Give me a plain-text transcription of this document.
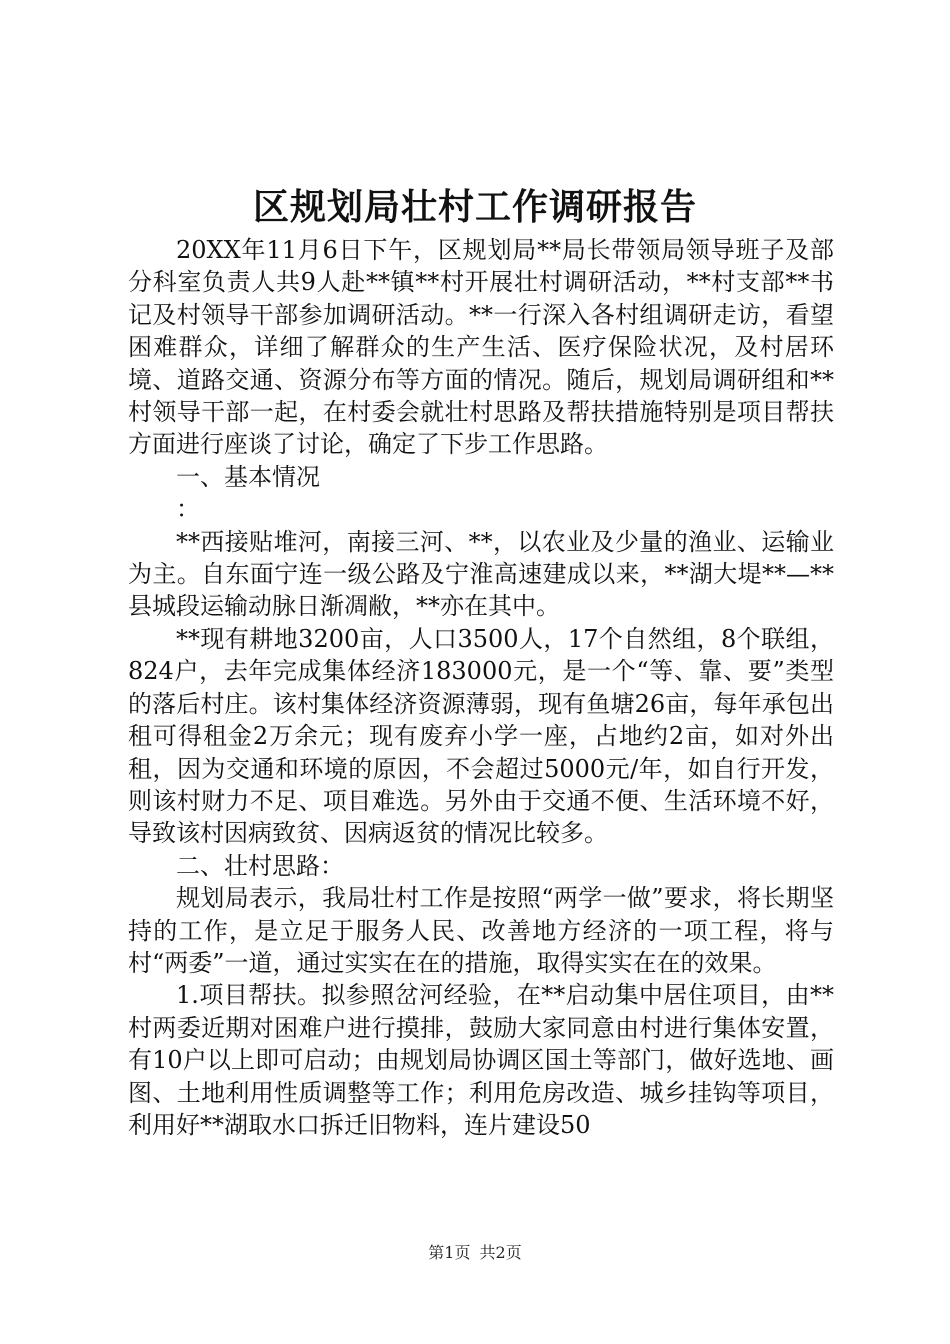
区规划局壮村工作调研报告

20XX年11月6日下午，区规划局**局长带领局领导班子及部分科室负责人共9人赴**镇**村开展壮村调研活动，**村支部**书记及村领导干部参加调研活动。**一行深入各村组调研走访，看望困难群众，详细了解群众的生产生活、医疗保险状况，及村居环境、道路交通、资源分布等方面的情况。随后，规划局调研组和**村领导干部一起，在村委会就壮村思路及帮扶措施特别是项目帮扶方面进行座谈了讨论，确定了下步工作思路。

一、基本情况

：

**西接贴堆河，南接三河、**，以农业及少量的渔业、运输业为主。自东面宁连一级公路及宁淮高速建成以来，**湖大堤**—**县城段运输动脉日渐凋敝，**亦在其中。

**现有耕地3200亩，人口3500人，17个自然组，8个联组，824户，去年完成集体经济183000元，是一个“等、靠、要”类型的落后村庄。该村集体经济资源薄弱，现有鱼塘26亩，每年承包出租可得租金2万余元；现有废弃小学一座，占地约2亩，如对外出租，因为交通和环境的原因，不会超过5000元/年，如自行开发，则该村财力不足、项目难选。另外由于交通不便、生活环境不好，导致该村因病致贫、因病返贫的情况比较多。

二、壮村思路：

规划局表示，我局壮村工作是按照“两学一做”要求，将长期坚持的工作，是立足于服务人民、改善地方经济的一项工程，将与村“两委”一道，通过实实在在的措施，取得实实在在的效果。

1.项目帮扶。拟参照岔河经验，在**启动集中居住项目，由**村两委近期对困难户进行摸排，鼓励大家同意由村进行集体安置，有10户以上即可启动；由规划局协调区国土等部门，做好选地、画图、土地利用性质调整等工作；利用危房改造、城乡挂钩等项目，利用好**湖取水口拆迁旧物料，连片建设50

第1页 共2页
